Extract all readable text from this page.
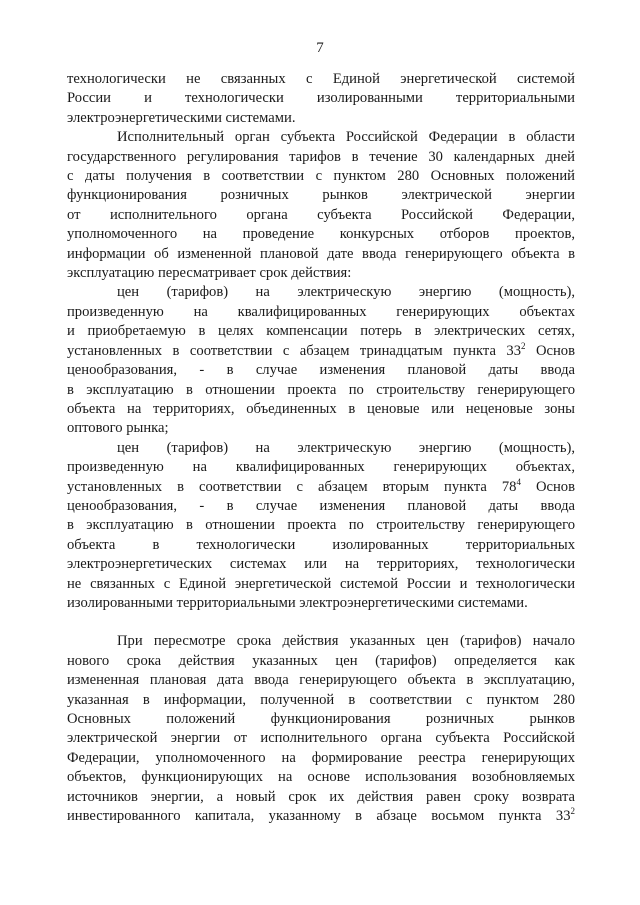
7
технологически не связанных с Единой энергетической системой
России и технологически изолированными территориальными
электроэнергетическими системами.
Исполнительный орган субъекта Российской Федерации в области
государственного регулирования тарифов в течение 30 календарных дней
с даты получения в соответствии с пунктом 280 Основных положений
функционирования розничных рынков электрической энергии
от исполнительного органа субъекта Российской Федерации,
уполномоченного на проведение конкурсных отборов проектов,
информации об измененной плановой дате ввода генерирующего объекта в
эксплуатацию пересматривает срок действия:
цен (тарифов) на электрическую энергию (мощность),
произведенную на квалифицированных генерирующих объектах
и приобретаемую в целях компенсации потерь в электрических сетях,
установленных в соответствии с абзацем тринадцатым пункта $33^2$ Основ
ценообразования, - в случае изменения плановой даты ввода
в эксплуатацию в отношении проекта по строительству генерирующего
объекта на территориях, объединенных в ценовые или неценовые зоны
оптового рынка;
цен (тарифов) на электрическую энергию (мощность),
произведенную на квалифицированных генерирующих объектах,
установленных в соответствии с абзацем вторым пункта $78^4$ Основ
ценообразования, - в случае изменения плановой даты ввода
в эксплуатацию в отношении проекта по строительству генерирующего
объекта в технологически изолированных территориальных
электроэнергетических системах или на территориях, технологически
не связанных с Единой энергетической системой России и технологически
изолированными территориальными электроэнергетическими системами.
При пересмотре срока действия указанных цен (тарифов) начало
нового срока действия указанных цен (тарифов) определяется как
измененная плановая дата ввода генерирующего объекта в эксплуатацию,
указанная в информации, полученной в соответствии с пунктом 280
Основных положений функционирования розничных рынков
электрической энергии от исполнительного органа субъекта Российской
Федерации, уполномоченного на формирование реестра генерирующих
объектов, функционирующих на основе использования возобновляемых
источников энергии, а новый срок их действия равен сроку возврата
инвестированного капитала, указанному в абзаце восьмом пункта $33^2$
